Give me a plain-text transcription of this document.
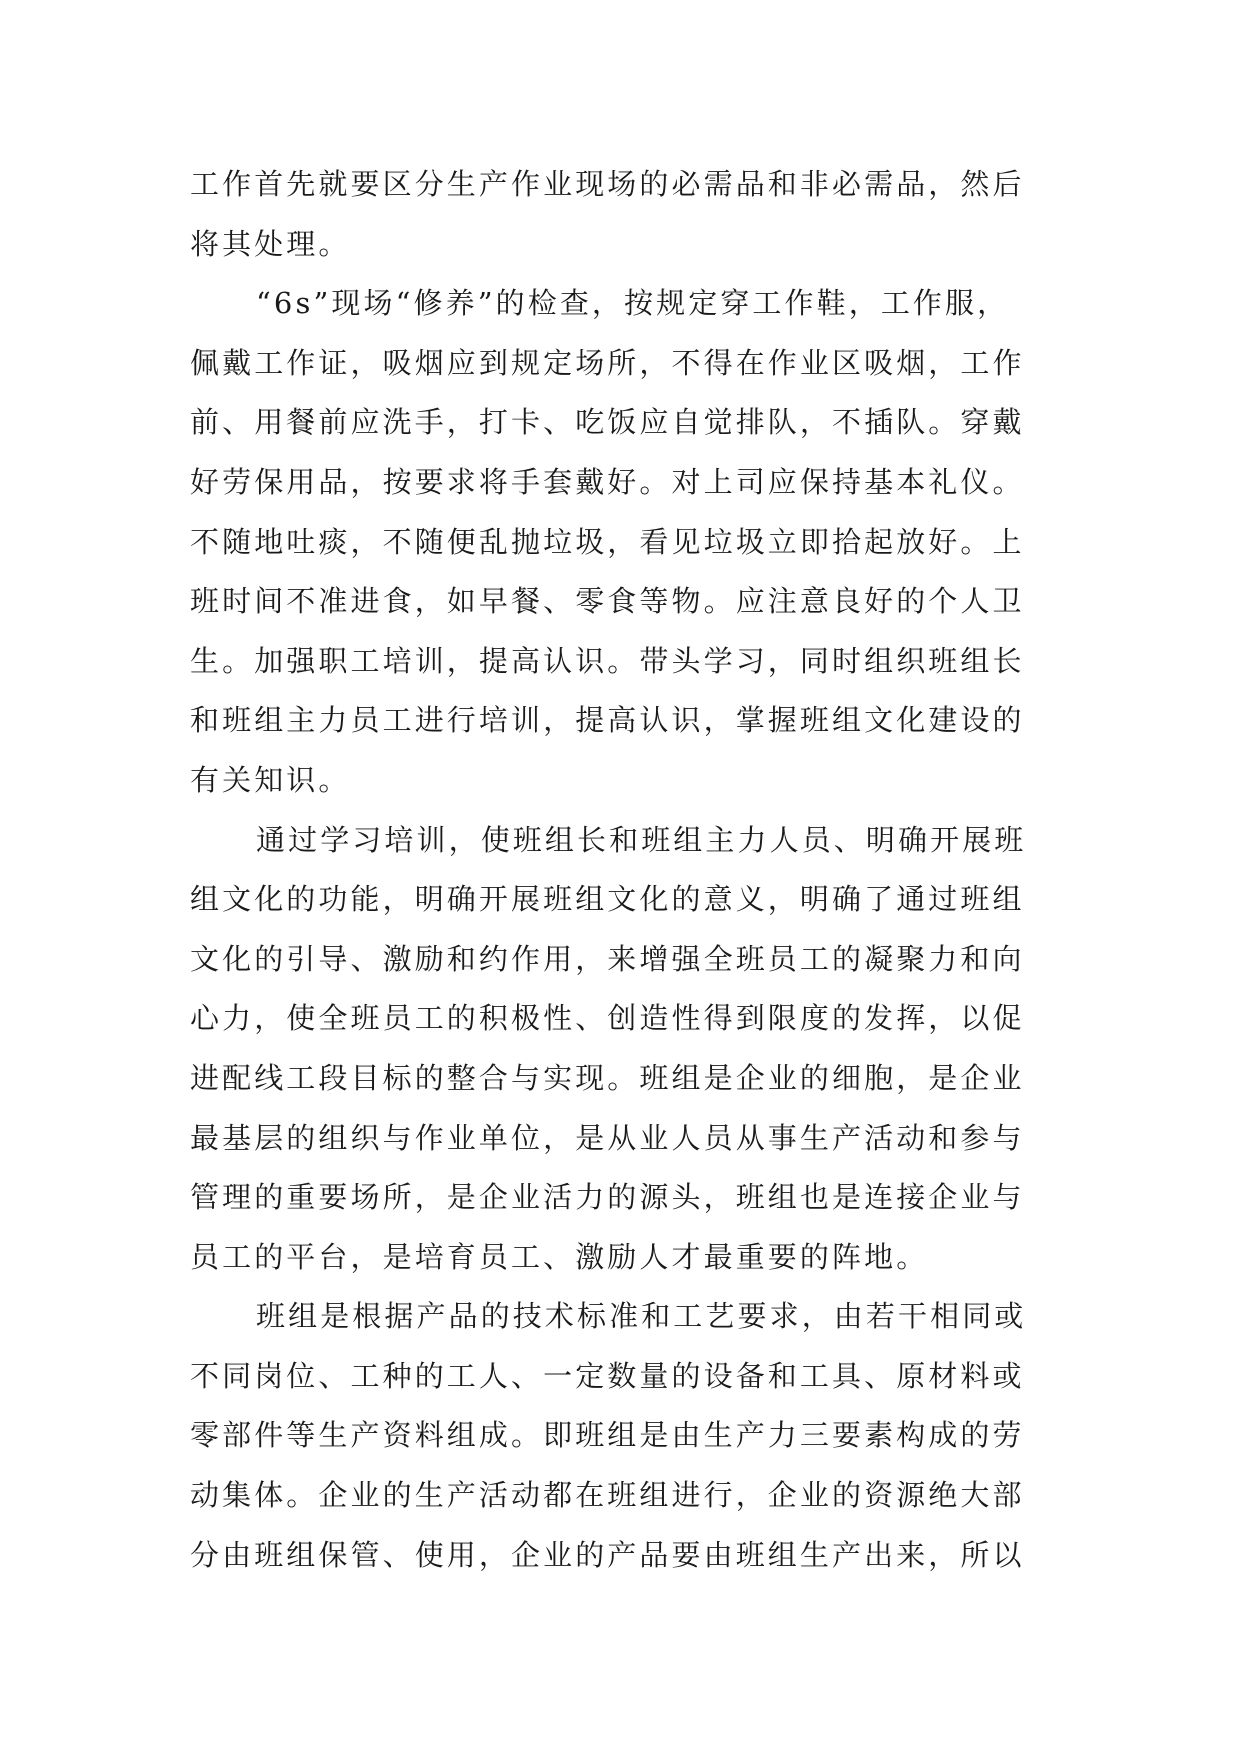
工作首先就要区分生产作业现场的必需品和非必需品，然后
将其处理。

“6s”现场“修养”的检查，按规定穿工作鞋，工作服，
佩戴工作证，吸烟应到规定场所，不得在作业区吸烟，工作
前、用餐前应洗手，打卡、吃饭应自觉排队，不插队。穿戴
好劳保用品，按要求将手套戴好。对上司应保持基本礼仪。
不随地吐痰，不随便乱抛垃圾，看见垃圾立即拾起放好。上
班时间不准进食，如早餐、零食等物。应注意良好的个人卫
生。加强职工培训，提高认识。带头学习，同时组织班组长
和班组主力员工进行培训，提高认识，掌握班组文化建设的
有关知识。

通过学习培训，使班组长和班组主力人员、明确开展班
组文化的功能，明确开展班组文化的意义，明确了通过班组
文化的引导、激励和约作用，来增强全班员工的凝聚力和向
心力，使全班员工的积极性、创造性得到限度的发挥，以促
进配线工段目标的整合与实现。班组是企业的细胞，是企业
最基层的组织与作业单位，是从业人员从事生产活动和参与
管理的重要场所，是企业活力的源头，班组也是连接企业与
员工的平台，是培育员工、激励人才最重要的阵地。

班组是根据产品的技术标准和工艺要求，由若干相同或
不同岗位、工种的工人、一定数量的设备和工具、原材料或
零部件等生产资料组成。即班组是由生产力三要素构成的劳
动集体。企业的生产活动都在班组进行，企业的资源绝大部
分由班组保管、使用，企业的产品要由班组生产出来，所以
